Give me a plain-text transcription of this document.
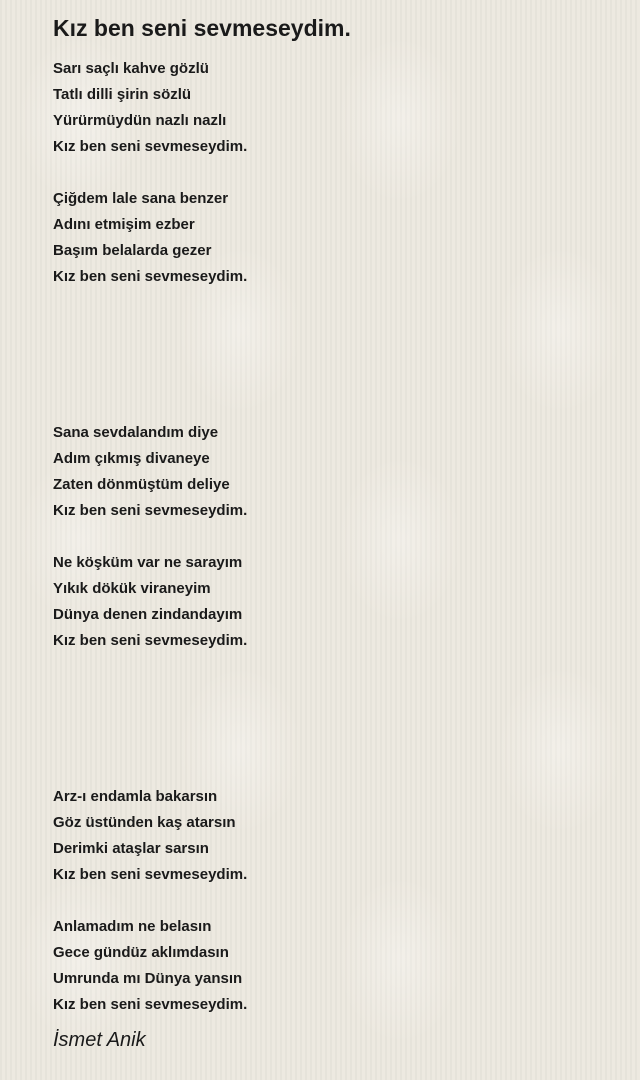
Kız ben seni sevmeseydim.
Sarı saçlı kahve gözlü
Tatlı dilli şirin sözlü
Yürürmüydün nazlı nazlı
Kız ben seni sevmeseydim.
Çiğdem lale sana benzer
Adını etmişim ezber
Başım belalarda gezer
Kız ben seni sevmeseydim.
Sana sevdalandım diye
Adım çıkmış divaneye
Zaten dönmüştüm deliye
Kız ben seni sevmeseydim.
Ne köşküm var ne sarayım
Yıkık dökük viraneyim
Dünya denen zindandayım
Kız ben seni sevmeseydim.
Arz-ı endamla bakarsın
Göz üstünden kaş atarsın
Derimki ataşlar sarsın
Kız ben seni sevmeseydim.
Anlamadım ne belasın
Gece gündüz aklımdasın
Umrunda mı Dünya yansın
Kız ben seni sevmeseydim.
İsmet Anik
